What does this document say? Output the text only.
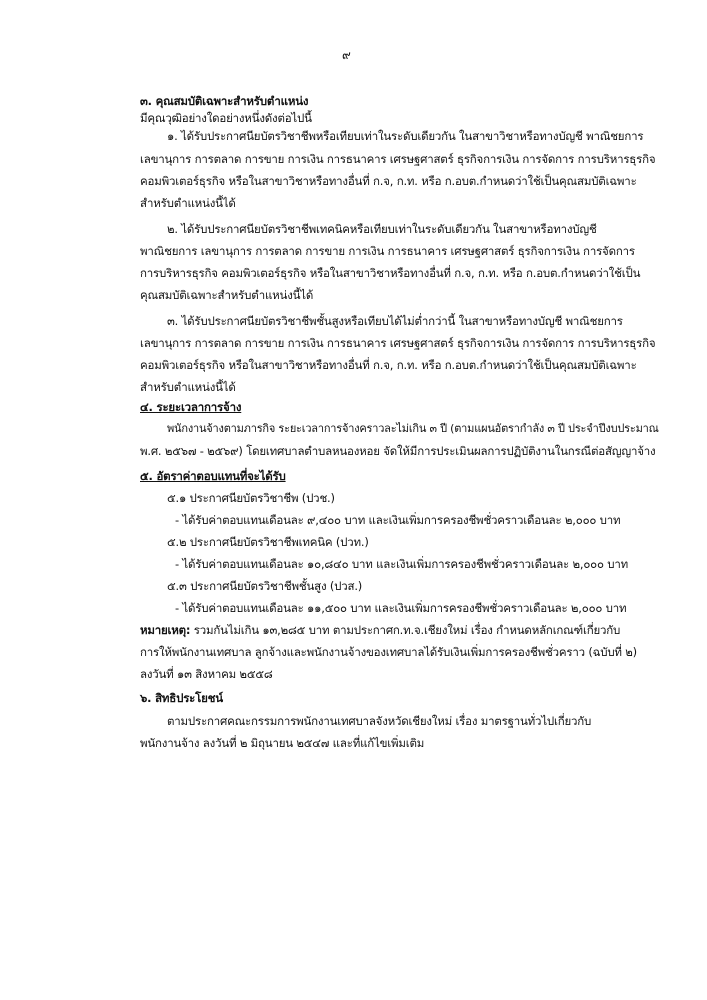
๙

๓. คุณสมบัติเฉพาะสำหรับตำแหน่ง

มีคุณวุฒิอย่างใดอย่างหนึ่งดังต่อไปนี้

๑. ได้รับประกาศนียบัตรวิชาชีพหรือเทียบเท่าในระดับเดียวกัน ในสาขาวิชาหรือทางบัญชี พาณิชยการ

เลขานุการ การตลาด การขาย การเงิน การธนาคาร เศรษฐศาสตร์ ธุรกิจการเงิน การจัดการ การบริหารธุรกิจ

คอมพิวเตอร์ธุรกิจ หรือในสาขาวิชาหรือทางอื่นที่ ก.จ, ก.ท. หรือ ก.อบต.กำหนดว่าใช้เป็นคุณสมบัติเฉพาะ

สำหรับตำแหน่งนี้ได้

๒. ได้รับประกาศนียบัตรวิชาชีพเทคนิคหรือเทียบเท่าในระดับเดียวกัน ในสาขาหรือทางบัญชี

พาณิชยการ เลขานุการ การตลาด การขาย การเงิน การธนาคาร เศรษฐศาสตร์ ธุรกิจการเงิน การจัดการ

การบริหารธุรกิจ คอมพิวเตอร์ธุรกิจ หรือในสาขาวิชาหรือทางอื่นที่ ก.จ, ก.ท. หรือ ก.อบต.กำหนดว่าใช้เป็น

คุณสมบัติเฉพาะสำหรับตำแหน่งนี้ได้

๓. ได้รับประกาศนียบัตรวิชาชีพชั้นสูงหรือเทียบได้ไม่ต่ำกว่านี้ ในสาขาหรือทางบัญชี พาณิชยการ

เลขานุการ การตลาด การขาย การเงิน การธนาคาร เศรษฐศาสตร์ ธุรกิจการเงิน การจัดการ การบริหารธุรกิจ

คอมพิวเตอร์ธุรกิจ หรือในสาขาวิชาหรือทางอื่นที่ ก.จ, ก.ท. หรือ ก.อบต.กำหนดว่าใช้เป็นคุณสมบัติเฉพาะ

สำหรับตำแหน่งนี้ได้

๔. ระยะเวลาการจ้าง

พนักงานจ้างตามภารกิจ ระยะเวลาการจ้างคราวละไม่เกิน ๓ ปี (ตามแผนอัตรากำลัง ๓ ปี ประจำปีงบประมาณ

พ.ศ. ๒๕๖๗ - ๒๕๖๙) โดยเทศบาลตำบลหนองหอย จัดให้มีการประเมินผลการปฏิบัติงานในกรณีต่อสัญญาจ้าง

๕. อัตราค่าตอบแทนที่จะได้รับ

๕.๑ ประกาศนียบัตรวิชาชีพ (ปวช.)

- ได้รับค่าตอบแทนเดือนละ ๙,๔๐๐ บาท และเงินเพิ่มการครองชีพชั่วคราวเดือนละ ๒,๐๐๐ บาท

๕.๒ ประกาศนียบัตรวิชาชีพเทคนิค (ปวท.)

- ได้รับค่าตอบแทนเดือนละ ๑๐,๘๔๐ บาท และเงินเพิ่มการครองชีพชั่วคราวเดือนละ ๒,๐๐๐ บาท

๕.๓ ประกาศนียบัตรวิชาชีพชั้นสูง (ปวส.)

- ได้รับค่าตอบแทนเดือนละ ๑๑,๕๐๐ บาท และเงินเพิ่มการครองชีพชั่วคราวเดือนละ ๒,๐๐๐ บาท

หมายเหตุ: รวมกันไม่เกิน ๑๓,๒๘๕ บาท ตามประกาศก.ท.จ.เชียงใหม่ เรื่อง กำหนดหลักเกณฑ์เกี่ยวกับ

การให้พนักงานเทศบาล ลูกจ้างและพนักงานจ้างของเทศบาลได้รับเงินเพิ่มการครองชีพชั่วคราว (ฉบับที่ ๒)

ลงวันที่ ๑๓ สิงหาคม ๒๕๕๘

๖. สิทธิประโยชน์

ตามประกาศคณะกรรมการพนักงานเทศบาลจังหวัดเชียงใหม่ เรื่อง มาตรฐานทั่วไปเกี่ยวกับ

พนักงานจ้าง ลงวันที่ ๒ มิถุนายน ๒๕๔๗ และที่แก้ไขเพิ่มเติม
